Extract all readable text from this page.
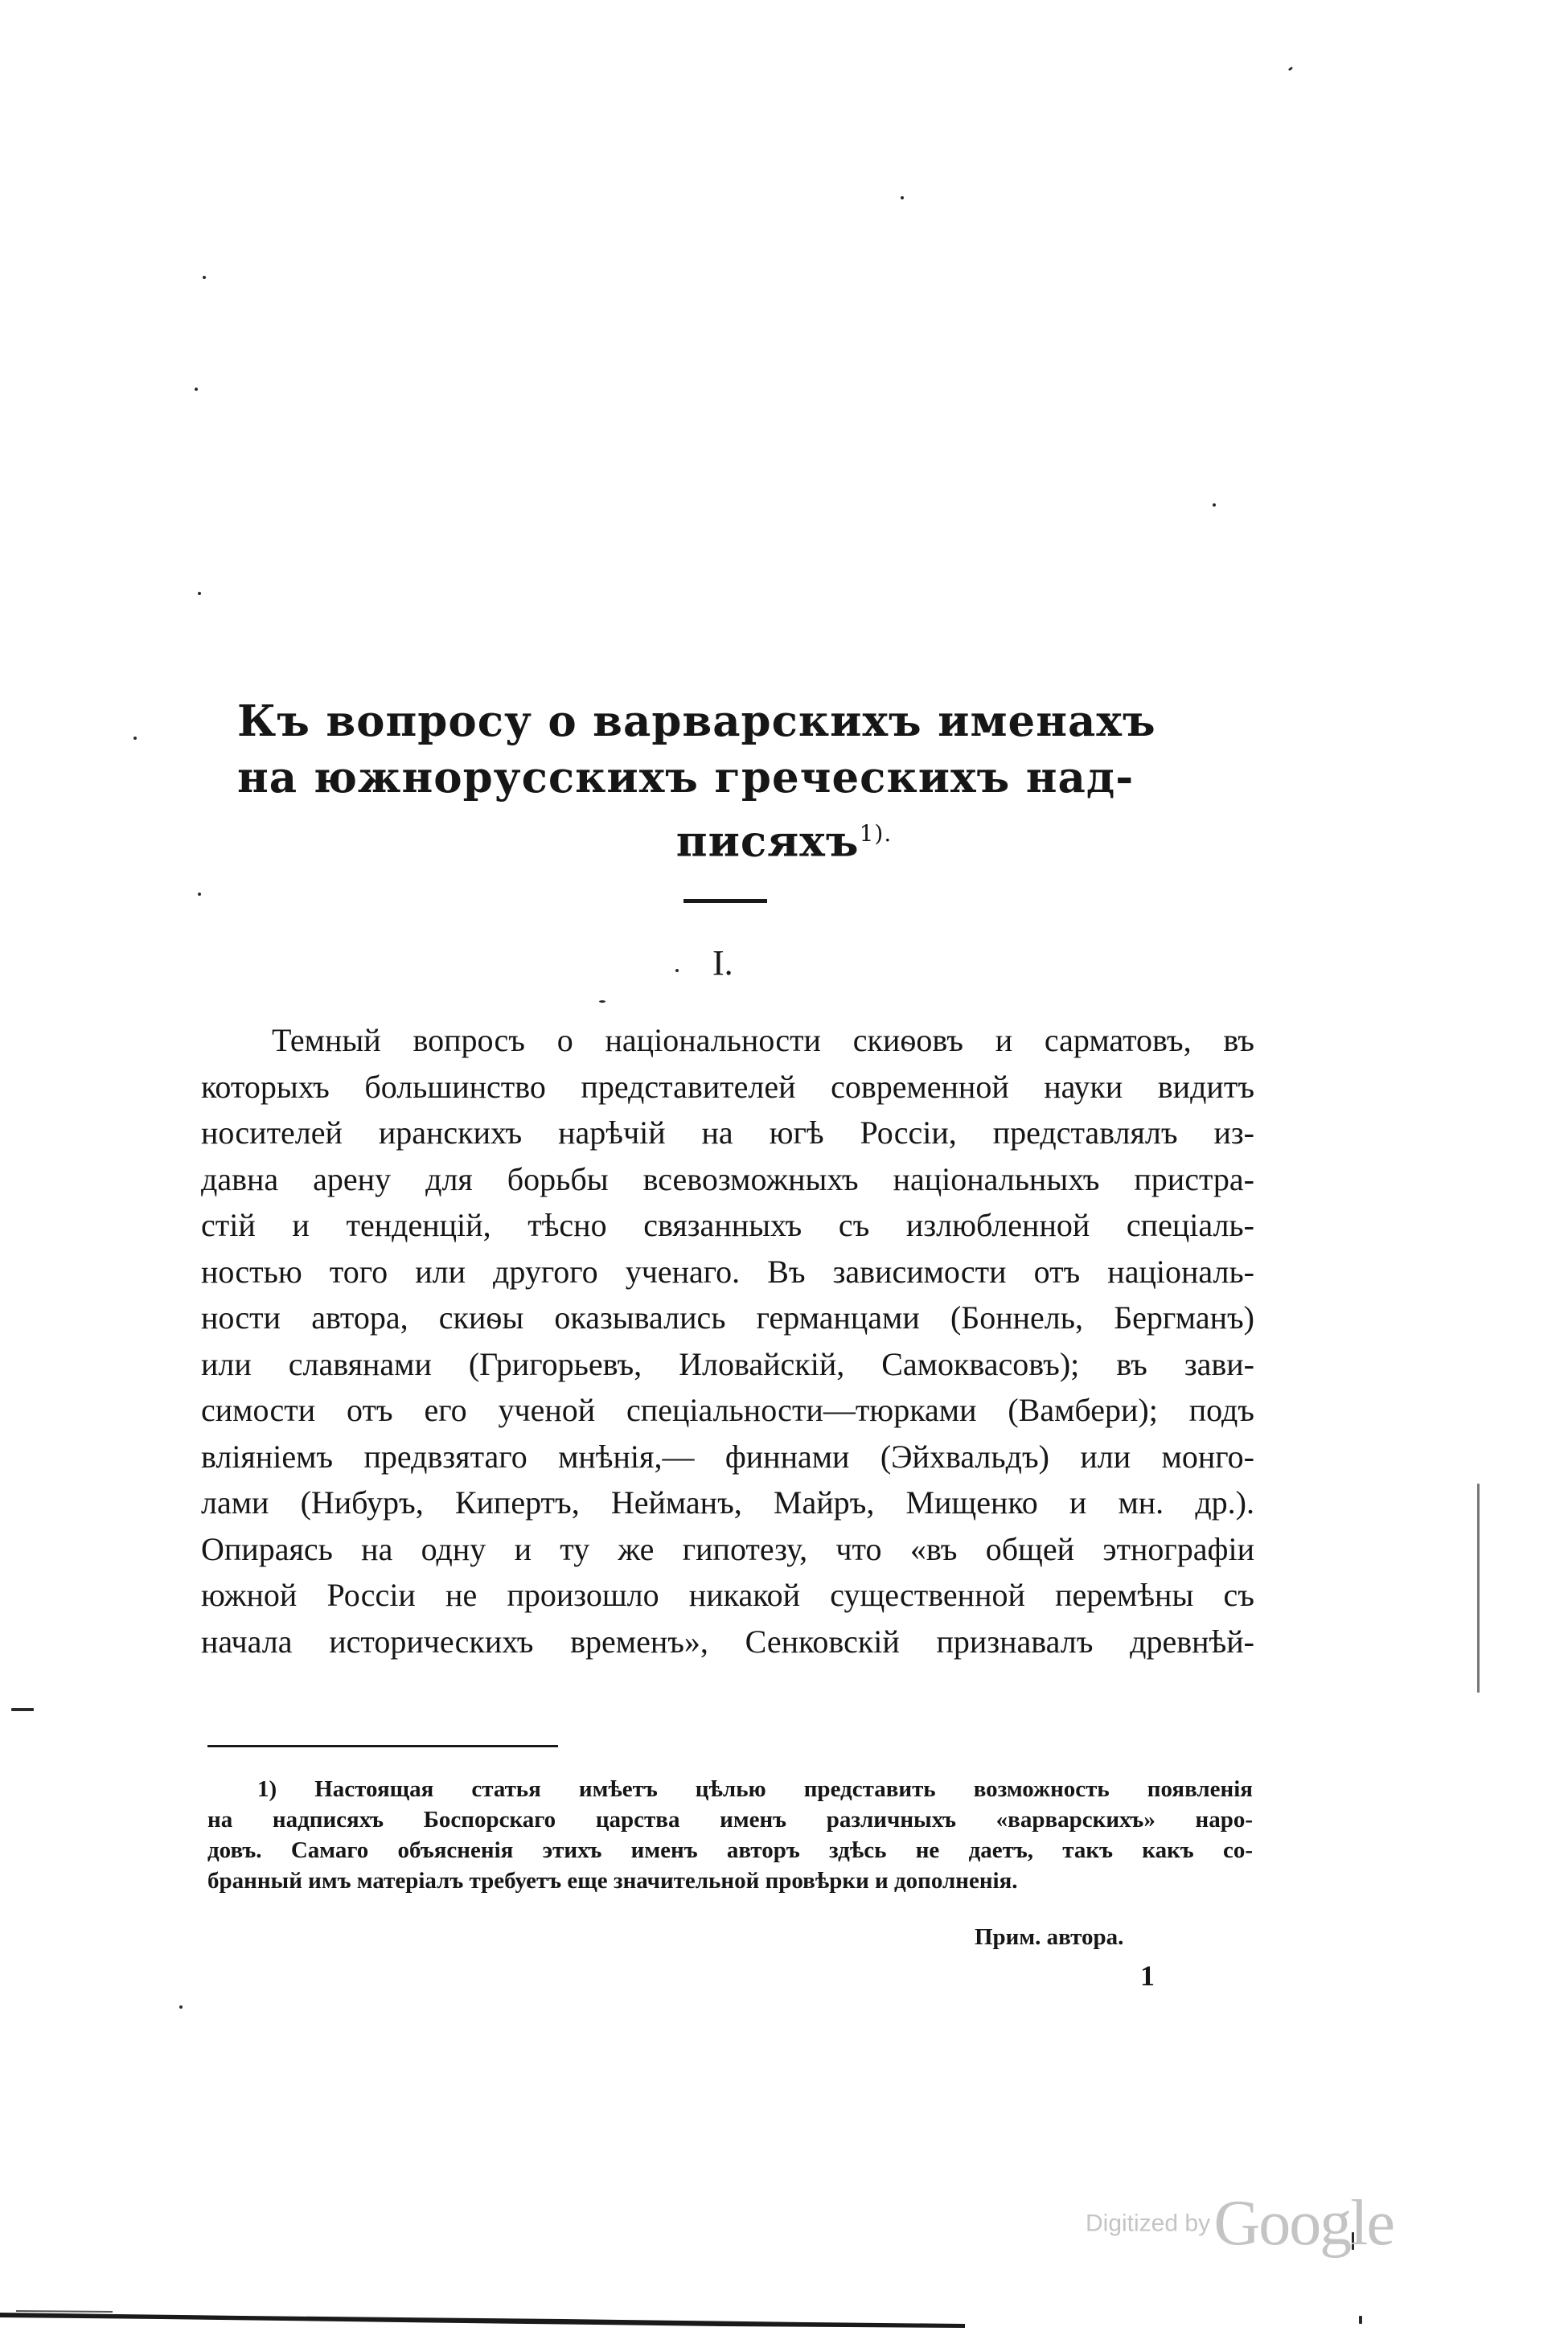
Къ вопросу о варварскихъ именахъ
на южнорусскихъ греческихъ над-
писяхъ$^{1).}$
I.
Темный вопросъ о національности скиѳовъ и сарматовъ, въ
которыхъ большинство представителей современной науки видитъ
носителей иранскихъ нарѣчій на югѣ Россіи, представлялъ из-
давна арену для борьбы всевозможныхъ національныхъ пристра-
стій и тенденцій, тѣсно связанныхъ съ излюбленной спеціаль-
ностью того или другого ученаго. Въ зависимости отъ національ-
ности автора, скиѳы оказывались германцами (Боннель, Бергманъ)
или славянами (Григорьевъ, Иловайскій, Самоквасовъ); въ зави-
симости отъ его ученой спеціальности—тюрками (Вамбери); подъ
вліяніемъ предвзятаго мнѣнія,— финнами (Эйхвальдъ) или монго-
лами (Нибуръ, Кипертъ, Нейманъ, Майръ, Мищенко и мн. др.).
Опираясь на одну и ту же гипотезу, что «въ общей этнографіи
южной Россіи не произошло никакой существенной перемѣны съ
начала историческихъ временъ», Сенковскій признавалъ древнѣй-
1) Настоящая статья имѣетъ цѣлью представить возможность появленія
на надписяхъ Боспорскаго царства именъ различныхъ «варварскихъ» наро-
довъ. Самаго объясненія этихъ именъ авторъ здѣсь не даетъ, такъ какъ со-
бранный имъ матеріалъ требуетъ еще значительной провѣрки и дополненія.
Прим. автора.
1
Digitized by Google
